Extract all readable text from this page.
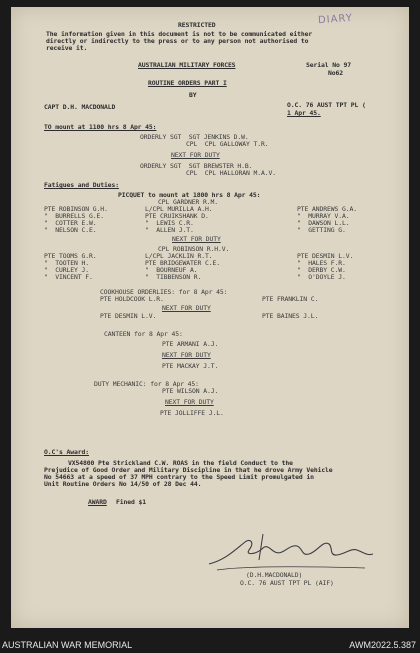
RESTRICTED
The information given in this document is not to be communicated either
directly or indirectly to the press or to any person not authorised to
receive it.
DIARY
AUSTRALIAN MILITARY FORCES	Serial No 97
No62
ROUTINE ORDERS PART I
BY
CAPT D.H. MACDONALD	O.C. 76 AUST TPT PL (
1 Apr 45.
TO mount at 1100 hrs 8 Apr 45:
ORDERLY SGT  SGT JENKINS D.W.
CPL  CPL GALLOWAY T.R.
NEXT FOR DUTY
ORDERLY SGT  SGT BREWSTER H.B.
CPL  CPL HALLORAN M.A.V.
Fatigues and Duties:
PICQUET to mount at 1800 hrs 8 Apr 45:
CPL GARDNER R.M.
PTE ROBINSON G.H.	L/CPL MURILLA A.H.	PTE ANDREWS G.A.
"  BURRELLS G.E.	PTE CRUIKSHANK D.	"  MURRAY V.A.
"  COTTER E.W.	"  LEWIS C.R.	"  DAWSON L.L.
"  NELSON C.E.	"  ALLEN J.T.	"  GETTING G.
NEXT FOR DUTY
CPL ROBINSON R.H.V.
PTE TOOMS G.R.	L/CPL JACKLIN R.T.	PTE DESMIN L.V.
"  TOOTEN H.	PTE BRIDGEWATER C.E.	"  HALES F.R.
"  CURLEY J.	"  BOURNEUF A.	"  DERBY C.W.
"  VINCENT F.	"  TIBBENSON R.	"  O'DOYLE J.
COOKHOUSE ORDERLIES: for 8 Apr 45:
PTE HOLDCOOK L.R.	PTE FRANKLIN C.
NEXT FOR DUTY
PTE DESMIN L.V.	PTE BAINES J.L.
CANTEEN for 8 Apr 45:
PTE ARMANI A.J.
NEXT FOR DUTY
PTE MACKAY J.T.
DUTY MECHANIC: for 8 Apr 45:
PTE WILSON A.J.
NEXT FOR DUTY
PTE JOLLIFFE J.L.
O.C's Award:
VX54800 Pte Strickland C.W. ROAS in the field Conduct to the
Prejudice of Good Order and Military Discipline in that he drove Army Vehicle
No 54663 at a speed of 37 MPH contrary to the Speed Limit promulgated in
Unit Routine Orders No 14/50 of 28 Dec 44.
AWARD Fined $1
(D.H.MACDONALD)
O.C. 76 AUST TPT PL (AIF)
AUSTRALIAN WAR MEMORIAL	AWM2022.5.387
